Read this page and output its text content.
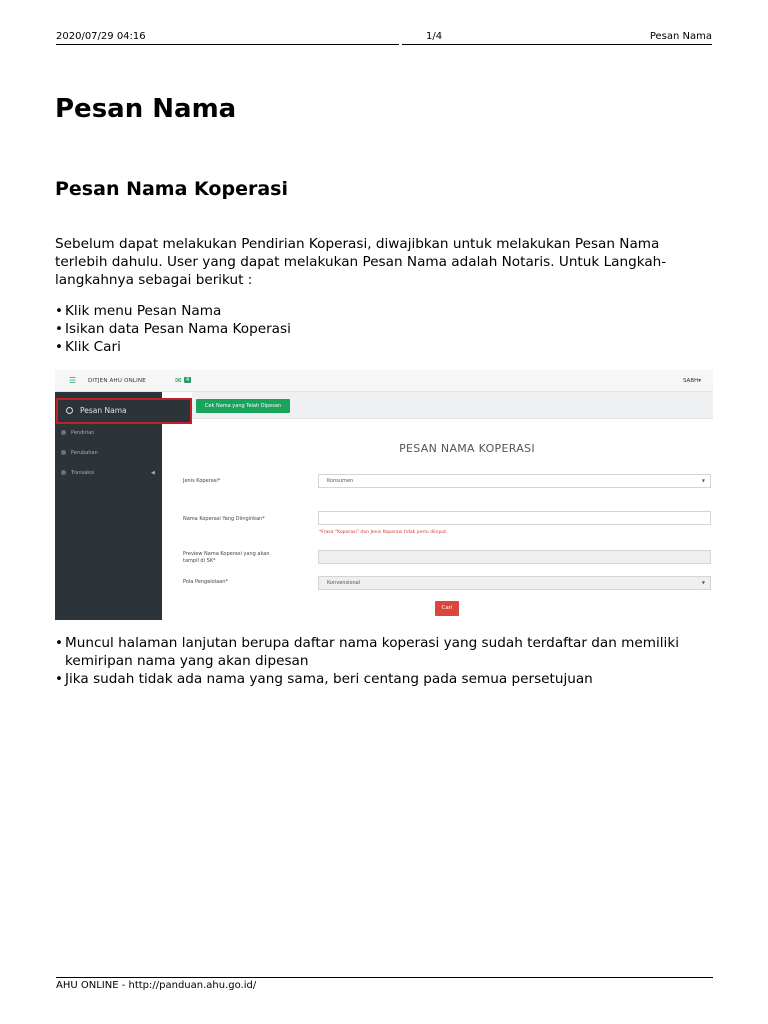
2020/07/29 04:16	1/4	Pesan Nama
Pesan Nama
Pesan Nama Koperasi

Sebelum dapat melakukan Pendirian Koperasi, diwajibkan untuk melakukan Pesan Nama terlebih dahulu. User yang dapat melakukan Pesan Nama adalah Notaris. Untuk Langkah-langkahnya sebagai berikut :

• Klik menu Pesan Nama
• Isikan data Pesan Nama Koperasi
• Klik Cari
☰ DITJEN AHU ONLINE	✉ 4	SABH▾
Pendirian
Perubahan
Transaksi	◀
Pesan Nama	Cek Nama yang Telah Dipesan
PESAN NAMA KOPERASI
Jenis Koperasi*	Konsumen	▼
Nama Koperasi Yang Diinginkan*
*Frasa "Koperasi" dan Jenis Koperasi tidak perlu diinput.
Preview Nama Koperasi yang akan tampil di SK*
Pola Pengelolaan*	Konvensional	▼
Cari
• Muncul halaman lanjutan berupa daftar nama koperasi yang sudah terdaftar dan memiliki kemiripan nama yang akan dipesan
• Jika sudah tidak ada nama yang sama, beri centang pada semua persetujuan
AHU ONLINE - http://panduan.ahu.go.id/
